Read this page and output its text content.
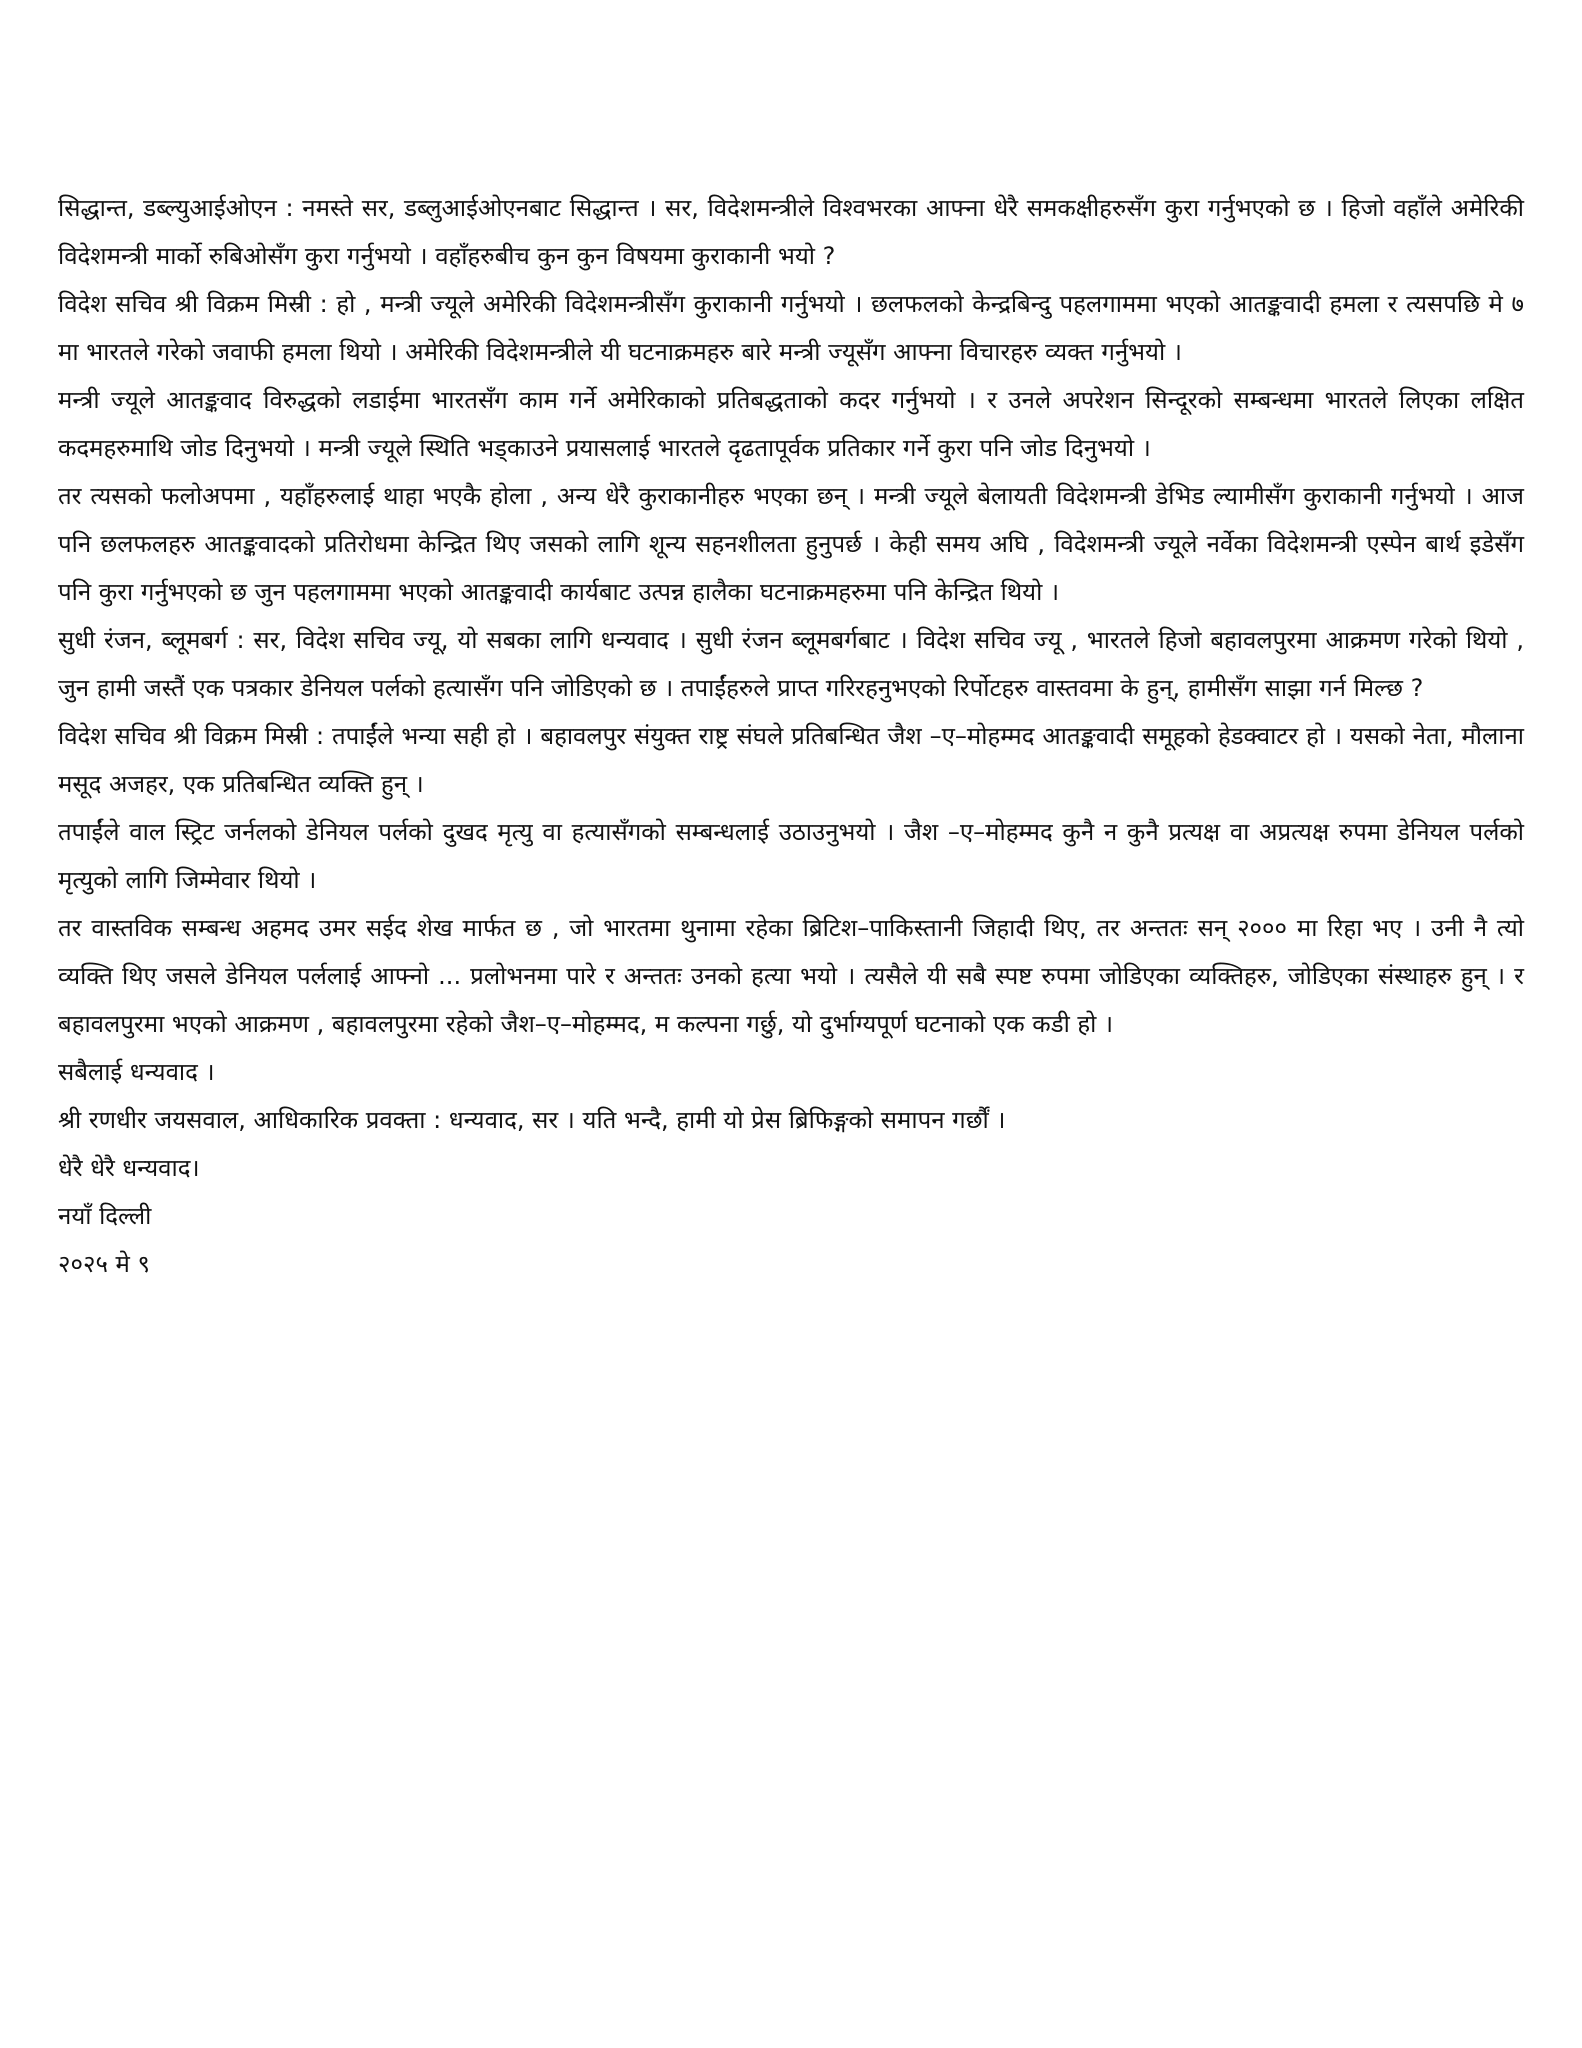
सिद्धान्त, डब्ल्युआईओएन : नमस्ते सर, डब्लुआईओएनबाट सिद्धान्त । सर, विदेशमन्त्रीले विश्वभरका आफ्ना धेरै समकक्षीहरुसँग कुरा गर्नुभएको छ । हिजो वहाँले अमेरिकी विदेशमन्त्री मार्को रुबिओसँग कुरा गर्नुभयो । वहाँहरुबीच कुन कुन विषयमा कुराकानी भयो ?

विदेश सचिव श्री विक्रम मिस्री : हो , मन्त्री ज्यूले अमेरिकी विदेशमन्त्रीसँग कुराकानी गर्नुभयो । छलफलको केन्द्रबिन्दु पहलगाममा भएको आतङ्कवादी हमला र त्यसपछि मे ७ मा भारतले गरेको जवाफी हमला थियो । अमेरिकी विदेशमन्त्रीले यी घटनाक्रमहरु बारे मन्त्री ज्यूसँग आफ्ना विचारहरु व्यक्त गर्नुभयो ।

मन्त्री ज्यूले आतङ्कवाद विरुद्धको लडाईमा भारतसँग काम गर्ने अमेरिकाको प्रतिबद्धताको कदर गर्नुभयो । र उनले अपरेशन सिन्दूरको सम्बन्धमा भारतले लिएका लक्षित कदमहरुमाथि जोड दिनुभयो । मन्त्री ज्यूले स्थिति भड्काउने प्रयासलाई भारतले दृढतापूर्वक प्रतिकार गर्ने कुरा पनि जोड दिनुभयो ।

तर त्यसको फलोअपमा , यहाँहरुलाई थाहा भएकै होला , अन्य धेरै कुराकानीहरु भएका छन् । मन्त्री ज्यूले बेलायती विदेशमन्त्री डेभिड ल्यामीसँग कुराकानी गर्नुभयो । आज पनि छलफलहरु आतङ्कवादको प्रतिरोधमा केन्द्रित थिए जसको लागि शून्य सहनशीलता हुनुपर्छ । केही समय अघि , विदेशमन्त्री ज्यूले नर्वेका विदेशमन्त्री एस्पेन बार्थ इडेसँग पनि कुरा गर्नुभएको छ जुन पहलगाममा भएको आतङ्कवादी कार्यबाट उत्पन्न हालैका घटनाक्रमहरुमा पनि केन्द्रित थियो ।

सुधी रंजन, ब्लूमबर्ग : सर, विदेश सचिव ज्यू, यो सबका लागि धन्यवाद । सुधी रंजन ब्लूमबर्गबाट । विदेश सचिव ज्यू , भारतले हिजो बहावलपुरमा आक्रमण गरेको थियो , जुन हामी जस्तैं एक पत्रकार डेनियल पर्लको हत्यासँग पनि जोडिएको छ । तपाईंहरुले प्राप्त गरिरहनुभएको रिर्पोटहरु वास्तवमा के हुन्, हामीसँग साझा गर्न मिल्छ ?

विदेश सचिव श्री विक्रम मिस्री : तपाईंले भन्या सही हो । बहावलपुर संयुक्त राष्ट्र संघले प्रतिबन्धित जैश –ए–मोहम्मद आतङ्कवादी समूहको हेडक्वाटर हो । यसको नेता, मौलाना मसूद अजहर, एक प्रतिबन्धित व्यक्ति हुन् ।

तपाईंले वाल स्ट्रिट जर्नलको डेनियल पर्लको दुखद मृत्यु वा हत्यासँगको सम्बन्धलाई उठाउनुभयो । जैश –ए–मोहम्मद कुनै न कुनै प्रत्यक्ष वा अप्रत्यक्ष रुपमा डेनियल पर्लको मृत्युको लागि जिम्मेवार थियो ।

तर वास्तविक सम्बन्ध अहमद उमर सईद शेख मार्फत छ , जो भारतमा थुनामा रहेका ब्रिटिश–पाकिस्तानी जिहादी थिए, तर अन्ततः सन् २००० मा रिहा भए । उनी नै त्यो व्यक्ति थिए जसले डेनियल पर्ललाई आफ्नो ... प्रलोभनमा पारे र अन्ततः उनको हत्या भयो । त्यसैले यी सबै स्पष्ट रुपमा जोडिएका व्यक्तिहरु, जोडिएका संस्थाहरु हुन् । र बहावलपुरमा भएको आक्रमण , बहावलपुरमा रहेको जैश–ए–मोहम्मद, म कल्पना गर्छु, यो दुर्भाग्यपूर्ण घटनाको एक कडी हो ।

सबैलाई धन्यवाद ।

श्री रणधीर जयसवाल, आधिकारिक प्रवक्ता : धन्यवाद, सर । यति भन्दै, हामी यो प्रेस ब्रिफिङ्गको समापन गर्छौं ।

धेरै धेरै धन्यवाद।

नयाँ दिल्ली

२०२५ मे ९
